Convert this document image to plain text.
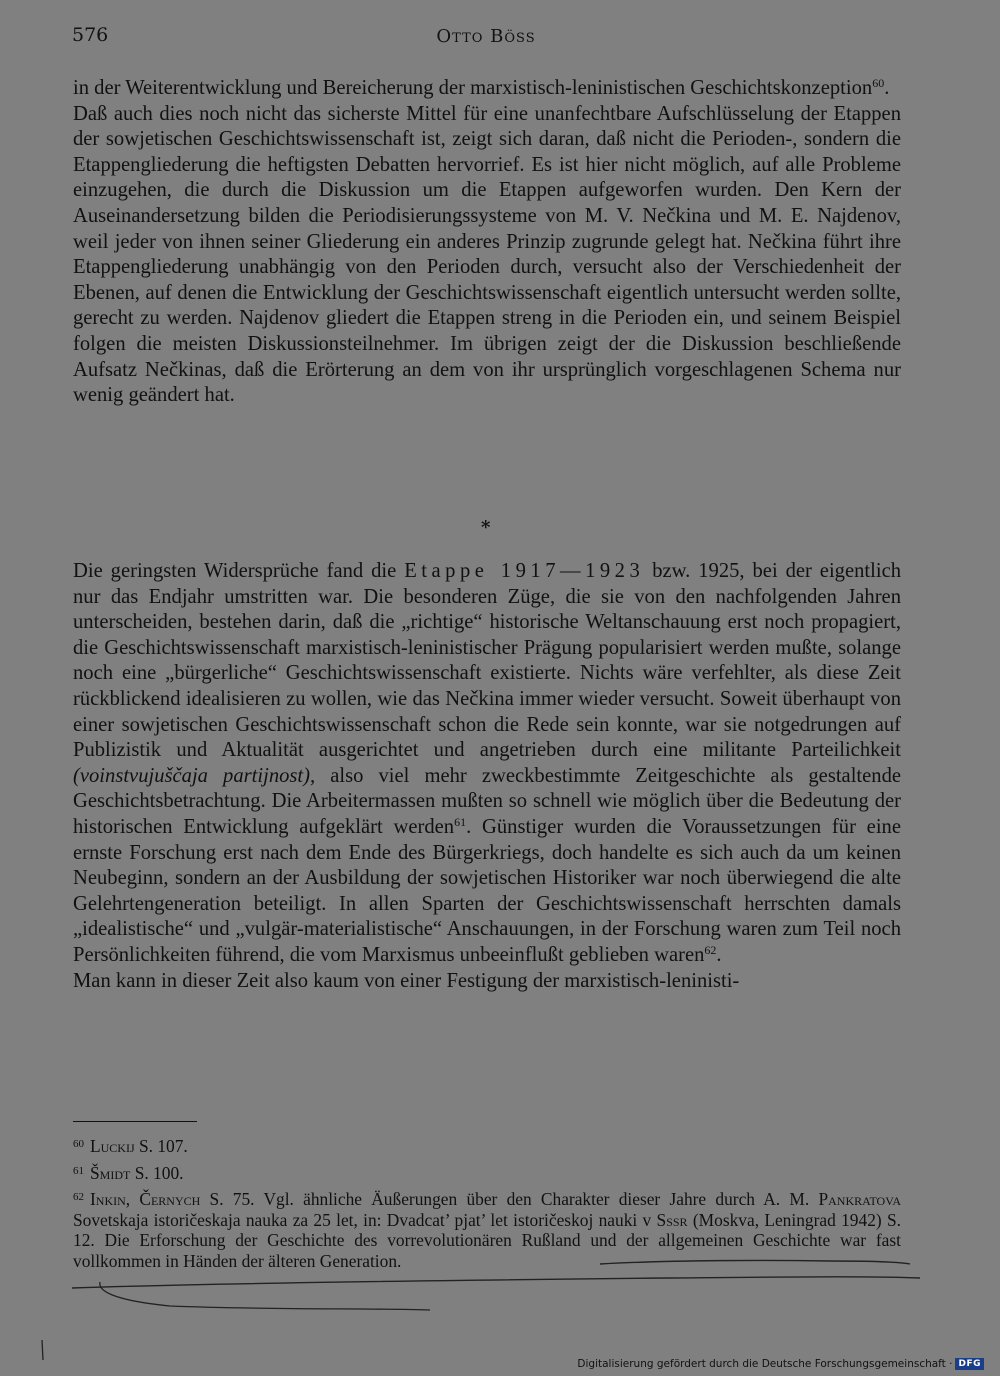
576	Otto Böss

in der Weiterentwicklung und Bereicherung der marxistisch-leninistischen Geschichtskonzeption$^{60}$.

Daß auch dies noch nicht das sicherste Mittel für eine unanfechtbare Aufschlüsselung der Etappen der sowjetischen Geschichtswissenschaft ist, zeigt sich daran, daß nicht die Perioden-, sondern die Etappengliederung die heftigsten Debatten hervorrief. Es ist hier nicht möglich, auf alle Probleme einzugehen, die durch die Diskussion um die Etappen aufgeworfen wurden. Den Kern der Auseinandersetzung bilden die Periodisierungssysteme von M. V. Nečkina und M. E. Najdenov, weil jeder von ihnen seiner Gliederung ein anderes Prinzip zugrunde gelegt hat. Nečkina führt ihre Etappengliederung unabhängig von den Perioden durch, versucht also der Verschiedenheit der Ebenen, auf denen die Entwicklung der Geschichtswissenschaft eigentlich untersucht werden sollte, gerecht zu werden. Najdenov gliedert die Etappen streng in die Perioden ein, und seinem Beispiel folgen die meisten Diskussionsteilnehmer. Im übrigen zeigt der die Diskussion beschließende Aufsatz Nečkinas, daß die Erörterung an dem von ihr ursprünglich vorgeschlagenen Schema nur wenig geändert hat.

*

Die geringsten Widersprüche fand die Etappe 1917—1923 bzw. 1925, bei der eigentlich nur das Endjahr umstritten war. Die besonderen Züge, die sie von den nachfolgenden Jahren unterscheiden, bestehen darin, daß die „richtige“ historische Weltanschauung erst noch propagiert, die Geschichtswissenschaft marxistisch-leninistischer Prägung popularisiert werden mußte, solange noch eine „bürgerliche“ Geschichtswissenschaft existierte. Nichts wäre verfehlter, als diese Zeit rückblickend idealisieren zu wollen, wie das Nečkina immer wieder versucht. Soweit überhaupt von einer sowjetischen Geschichtswissenschaft schon die Rede sein konnte, war sie notgedrungen auf Publizistik und Aktualität ausgerichtet und angetrieben durch eine militante Parteilichkeit (voinstvujuščaja partijnost), also viel mehr zweckbestimmte Zeitgeschichte als gestaltende Geschichtsbetrachtung. Die Arbeitermassen mußten so schnell wie möglich über die Bedeutung der historischen Entwicklung aufgeklärt werden$^{61}$. Günstiger wurden die Voraussetzungen für eine ernste Forschung erst nach dem Ende des Bürgerkriegs, doch handelte es sich auch da um keinen Neubeginn, sondern an der Ausbildung der sowjetischen Historiker war noch überwiegend die alte Gelehrtengeneration beteiligt. In allen Sparten der Geschichtswissenschaft herrschten damals „idealistische“ und „vulgär-materialistische“ Anschauungen, in der Forschung waren zum Teil noch Persönlichkeiten führend, die vom Marxismus unbeeinflußt geblieben waren$^{62}$.

Man kann in dieser Zeit also kaum von einer Festigung der marxistisch-leninisti-

$^{60}$ Luckij S. 107.

$^{61}$ Šmidt S. 100.

$^{62}$ Inkin, Černych S. 75. Vgl. ähnliche Äußerungen über den Charakter dieser Jahre durch A. M. Pankratova Sovetskaja istoričeskaja nauka za 25 let, in: Dvadcat’ pjat’ let istoričeskoj nauki v Sssr (Moskva, Leningrad 1942) S. 12. Die Erforschung der Geschichte des vorrevolutionären Rußland und der allgemeinen Geschichte war fast vollkommen in Händen der älteren Generation.

Digitalisierung gefördert durch die Deutsche Forschungsgemeinschaft · DFG
